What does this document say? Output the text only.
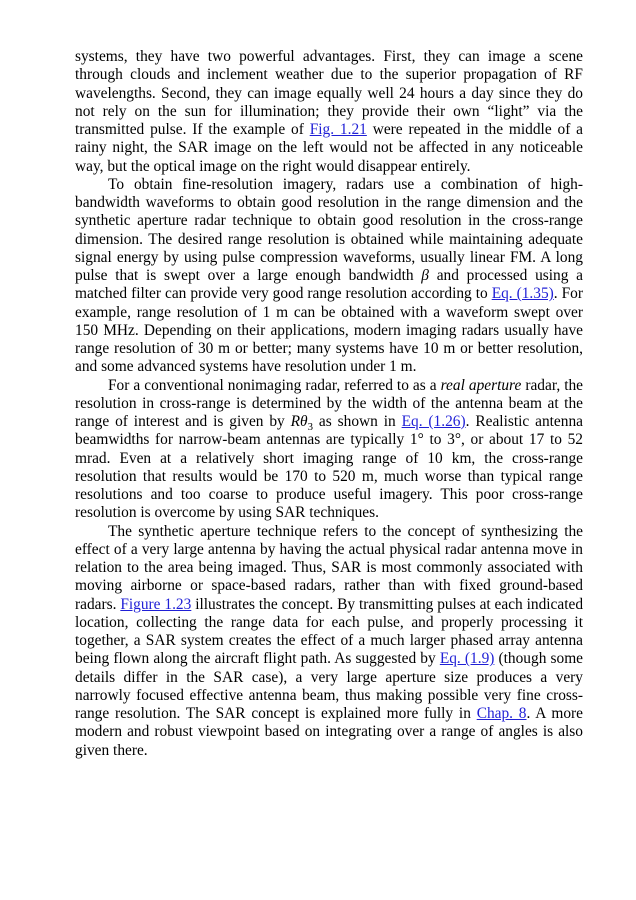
systems, they have two powerful advantages. First, they can image a scene through clouds and inclement weather due to the superior propagation of RF wavelengths. Second, they can image equally well 24 hours a day since they do not rely on the sun for illumination; they provide their own “light” via the transmitted pulse. If the example of Fig. 1.21 were repeated in the middle of a rainy night, the SAR image on the left would not be affected in any noticeable way, but the optical image on the right would disappear entirely.

To obtain fine-resolution imagery, radars use a combination of high-bandwidth waveforms to obtain good resolution in the range dimension and the synthetic aperture radar technique to obtain good resolution in the cross-range dimension. The desired range resolution is obtained while maintaining adequate signal energy by using pulse compression waveforms, usually linear FM. A long pulse that is swept over a large enough bandwidth β and processed using a matched filter can provide very good range resolution according to Eq. (1.35). For example, range resolution of 1 m can be obtained with a waveform swept over 150 MHz. Depending on their applications, modern imaging radars usually have range resolution of 30 m or better; many systems have 10 m or better resolution, and some advanced systems have resolution under 1 m.

For a conventional nonimaging radar, referred to as a real aperture radar, the resolution in cross-range is determined by the width of the antenna beam at the range of interest and is given by $R\theta_3$ as shown in Eq. (1.26). Realistic antenna beamwidths for narrow-beam antennas are typically 1° to 3°, or about 17 to 52 mrad. Even at a relatively short imaging range of 10 km, the cross-range resolution that results would be 170 to 520 m, much worse than typical range resolutions and too coarse to produce useful imagery. This poor cross-range resolution is overcome by using SAR techniques.

The synthetic aperture technique refers to the concept of synthesizing the effect of a very large antenna by having the actual physical radar antenna move in relation to the area being imaged. Thus, SAR is most commonly associated with moving airborne or space-based radars, rather than with fixed ground-based radars. Figure 1.23 illustrates the concept. By transmitting pulses at each indicated location, collecting the range data for each pulse, and properly processing it together, a SAR system creates the effect of a much larger phased array antenna being flown along the aircraft flight path. As suggested by Eq. (1.9) (though some details differ in the SAR case), a very large aperture size produces a very narrowly focused effective antenna beam, thus making possible very fine cross-range resolution. The SAR concept is explained more fully in Chap. 8. A more modern and robust viewpoint based on integrating over a range of angles is also given there.
